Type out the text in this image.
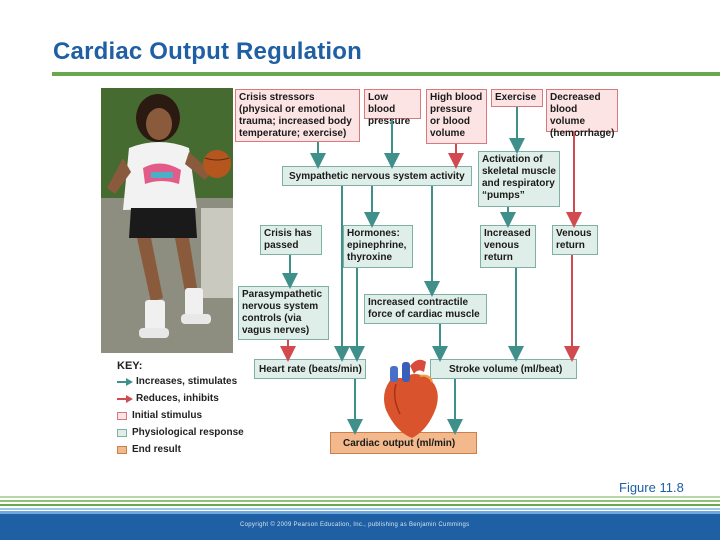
Cardiac Output Regulation
Crisis stressors (physical or emotional trauma; increased body temperature; exercise)
Low blood pressure
High blood pressure or blood volume
Exercise	Decreased blood volume (hemorrhage)
Sympathetic nervous system activity
Activation of skeletal muscle and respiratory “pumps”
Crisis has passed
Hormones: epinephrine, thyroxine
Increased venous return
Venous return
Parasympathetic nervous system controls (via vagus nerves)
Increased contractile force of cardiac muscle
Heart rate (beats/min)	Stroke volume (ml/beat)
Cardiac output (ml/min)
KEY:
Increases, stimulates
Reduces, inhibits
Initial stimulus
Physiological response
End result
Figure 11.8
Copyright © 2009 Pearson Education, Inc., publishing as Benjamin Cummings
